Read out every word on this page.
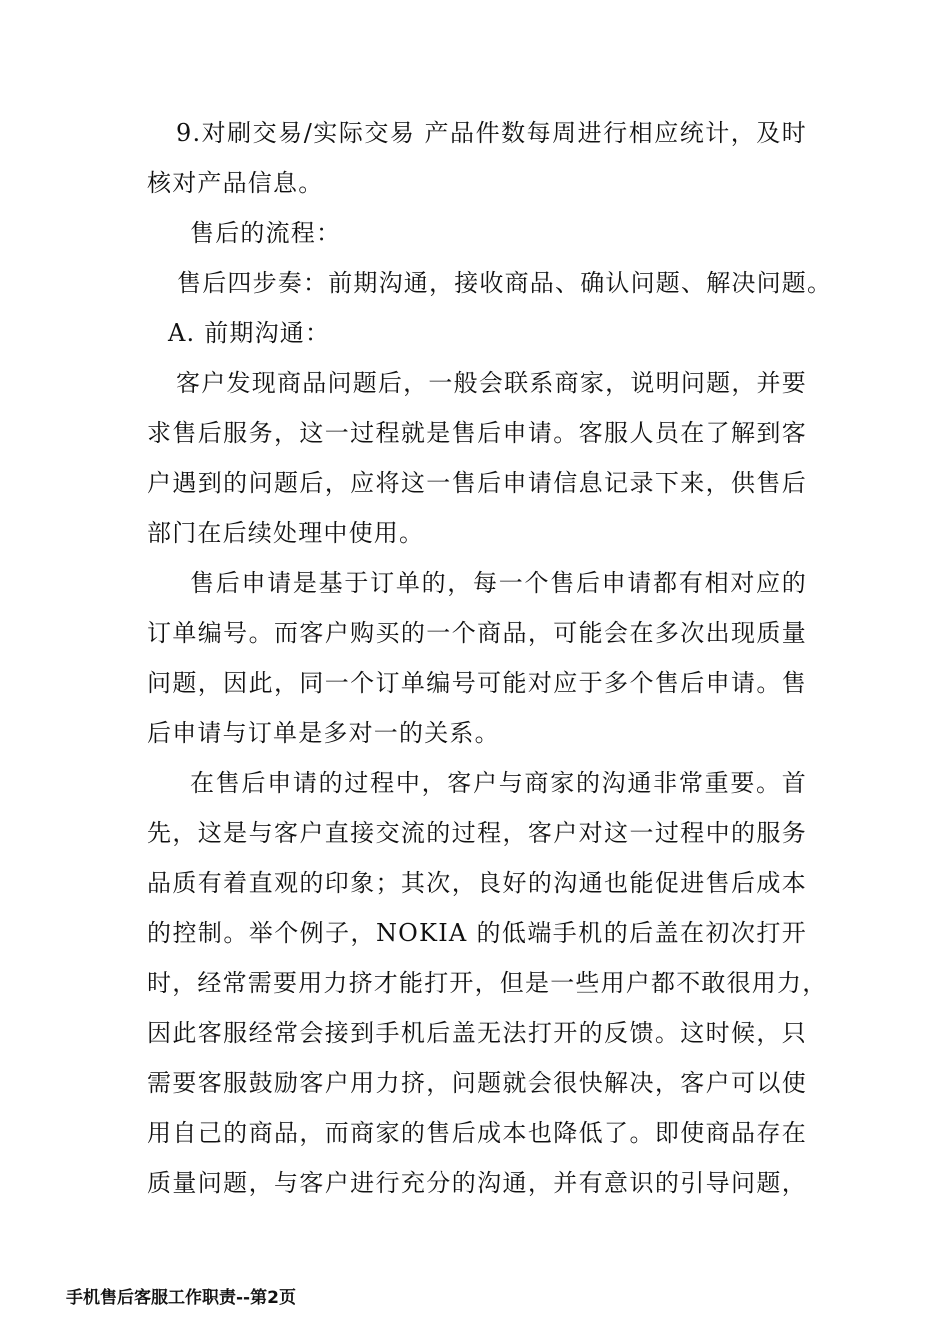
9.对刷交易/实际交易 产品件数每周进行相应统计，及时
核对产品信息。
售后的流程：
售后四步奏：前期沟通，接收商品、确认问题、解决问题。
A. 前期沟通：
客户发现商品问题后，一般会联系商家，说明问题，并要
求售后服务，这一过程就是售后申请。客服人员在了解到客
户遇到的问题后，应将这一售后申请信息记录下来，供售后
部门在后续处理中使用。
售后申请是基于订单的，每一个售后申请都有相对应的
订单编号。而客户购买的一个商品，可能会在多次出现质量
问题，因此，同一个订单编号可能对应于多个售后申请。售
后申请与订单是多对一的关系。
在售后申请的过程中，客户与商家的沟通非常重要。首
先，这是与客户直接交流的过程，客户对这一过程中的服务
品质有着直观的印象；其次，良好的沟通也能促进售后成本
的控制。举个例子，NOKIA 的低端手机的后盖在初次打开
时，经常需要用力挤才能打开，但是一些用户都不敢很用力，
因此客服经常会接到手机后盖无法打开的反馈。这时候，只
需要客服鼓励客户用力挤，问题就会很快解决，客户可以使
用自己的商品，而商家的售后成本也降低了。即使商品存在
质量问题，与客户进行充分的沟通，并有意识的引导问题，
手机售后客服工作职责--第2页
